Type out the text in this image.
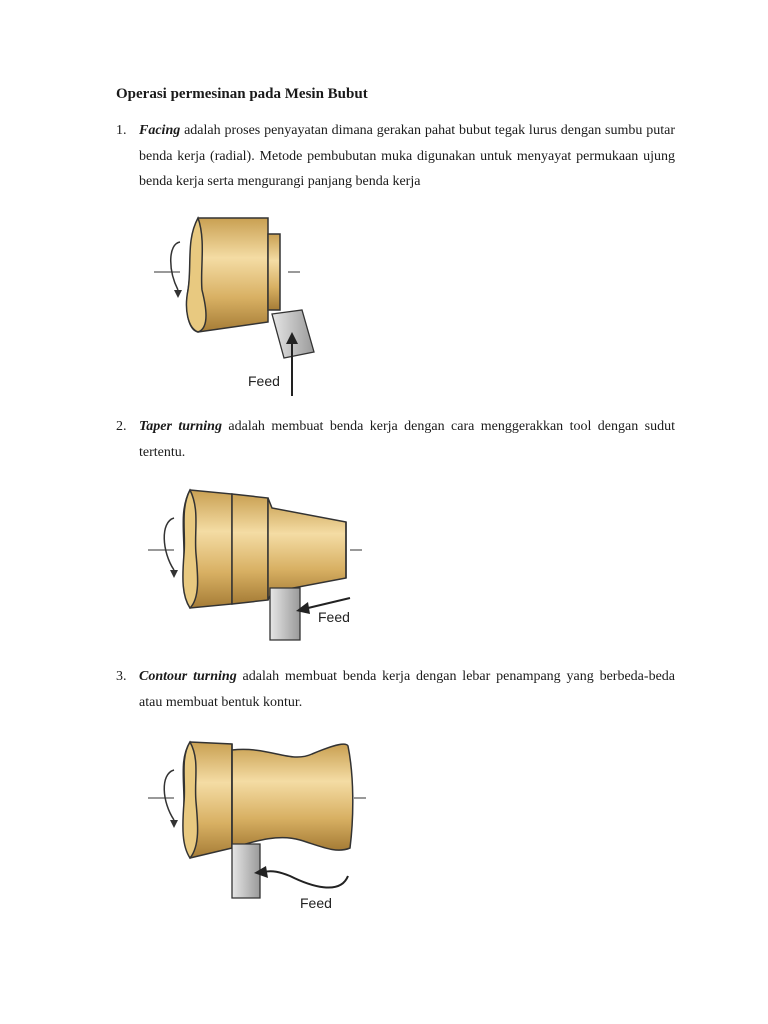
Operasi permesinan pada Mesin Bubut
1. Facing adalah proses penyayatan dimana gerakan pahat bubut tegak lurus dengan sumbu putar benda kerja (radial). Metode pembubutan muka digunakan untuk menyayat permukaan ujung benda kerja serta mengurangi panjang benda kerja
Feed
2. Taper turning adalah membuat benda kerja dengan cara menggerakkan tool dengan sudut tertentu.
Feed
3. Contour turning adalah membuat benda kerja dengan lebar penampang yang berbeda-beda atau membuat bentuk kontur.
Feed
